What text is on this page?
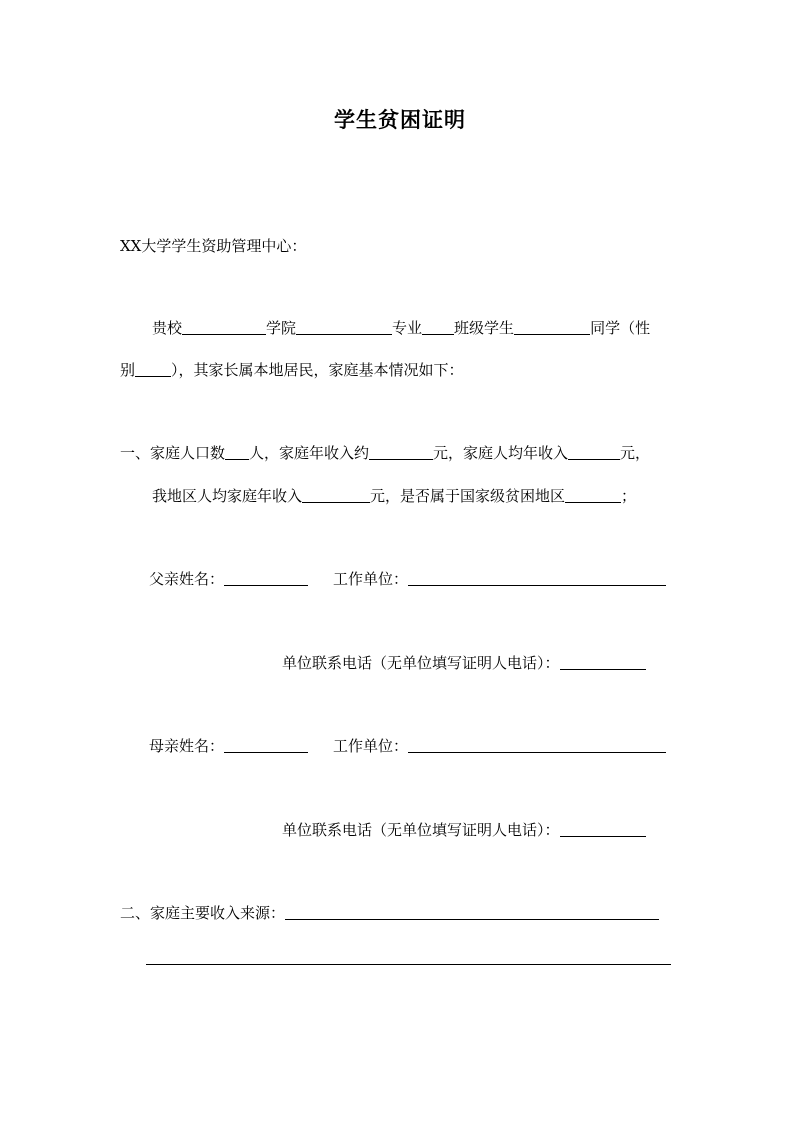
学生贫困证明
XX大学学生资助管理中心：
贵校	学院	专业 班级学生	同学（性
别 ），其家长属本地居民，家庭基本情况如下：
一、家庭人口数 人，家庭年收入约	元，家庭人均年收入	元，
我地区人均家庭年收入	元，是否属于国家级贫困地区	；
父亲姓名：	工作单位：
单位联系电话（无单位填写证明人电话）：
母亲姓名：	工作单位：
单位联系电话（无单位填写证明人电话）：
二、家庭主要收入来源：
